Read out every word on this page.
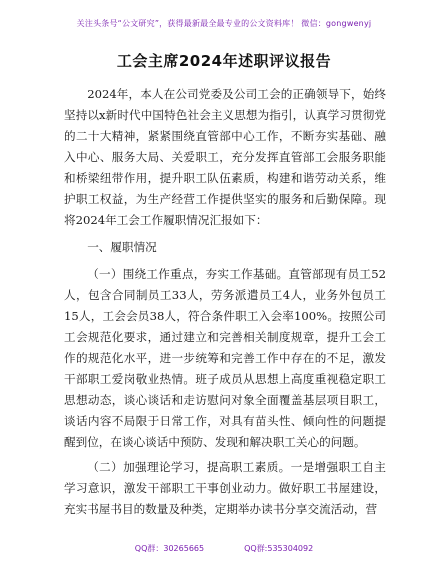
关注头条号“公文研究”，获得最新最全最专业的公文资料库！ 微信：gongwenyj
工会主席2024年述职评议报告

2024年，本人在公司党委及公司工会的正确领导下，始终坚持以x新时代中国特色社会主义思想为指引，认真学习贯彻党的二十大精神，紧紧围绕直管部中心工作，不断夯实基础、融入中心、服务大局、关爱职工，充分发挥直管部工会服务职能和桥梁纽带作用，提升职工队伍素质，构建和谐劳动关系，维护职工权益，为生产经营工作提供坚实的服务和后勤保障。现将2024年工会工作履职情况汇报如下：

一、履职情况

（一）围绕工作重点，夯实工作基础。直管部现有员工52人，包含合同制员工33人，劳务派遣员工4人，业务外包员工15人，工会会员38人，符合条件职工入会率100%。按照公司工会规范化要求，通过建立和完善相关制度规章，提升工会工作的规范化水平，进一步统筹和完善工作中存在的不足，激发干部职工爱岗敬业热情。班子成员从思想上高度重视稳定职工思想动态，谈心谈话和走访慰问对象全面覆盖基层项目职工，谈话内容不局限于日常工作，对具有苗头性、倾向性的问题提醒到位，在谈心谈话中预防、发现和解决职工关心的问题。

（二）加强理论学习，提高职工素质。一是增强职工自主学习意识，激发干部职工干事创业动力。做好职工书屋建设，充实书屋书目的数量及种类，定期举办读书分享交流活动，营

QQ群：30265665	QQ群:535304092
